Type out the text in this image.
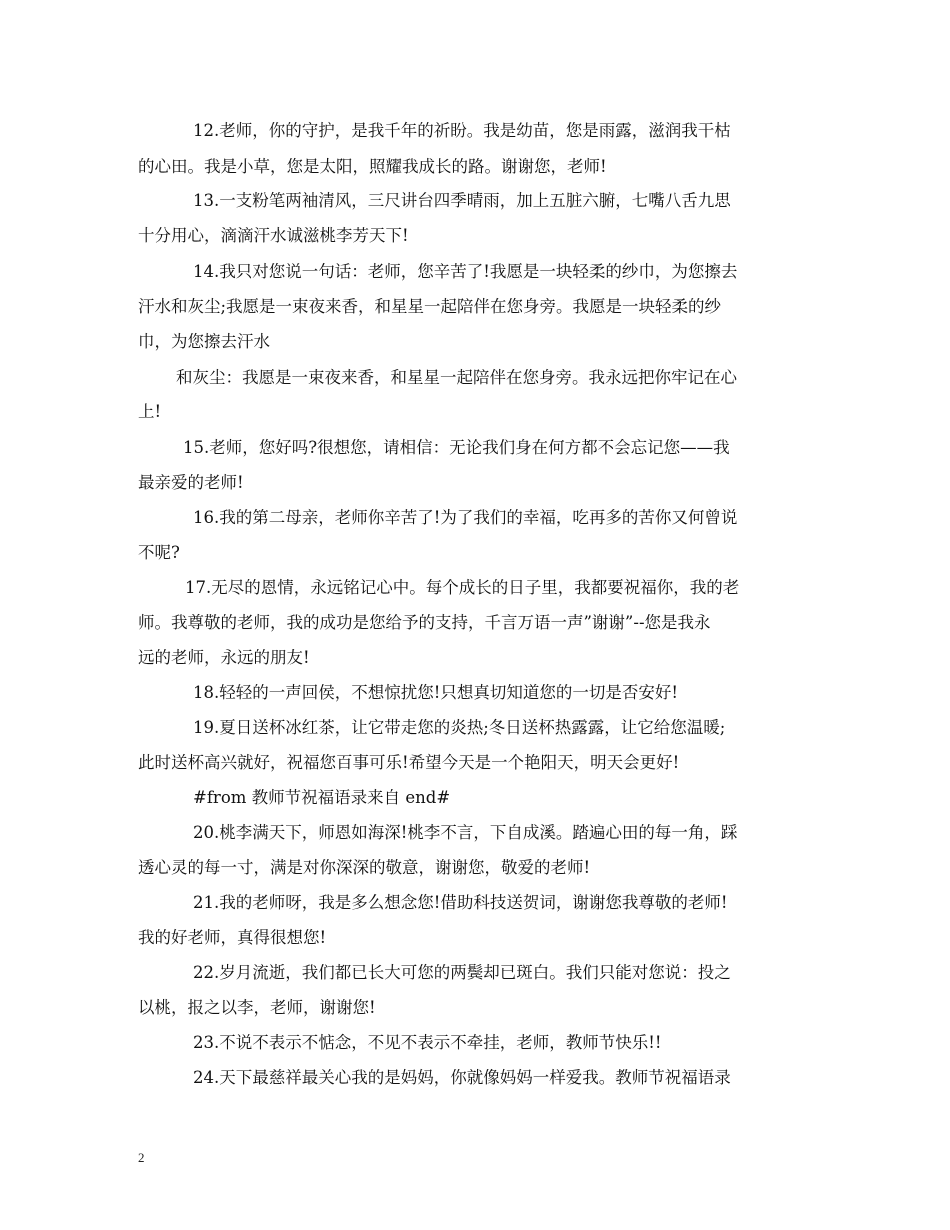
12.老师，你的守护，是我千年的祈盼。我是幼苗，您是雨露，滋润我干枯
的心田。我是小草，您是太阳，照耀我成长的路。谢谢您，老师!
13.一支粉笔两袖清风，三尺讲台四季晴雨，加上五脏六腑，七嘴八舌九思
十分用心，滴滴汗水诚滋桃李芳天下!
14.我只对您说一句话：老师，您辛苦了!我愿是一块轻柔的纱巾，为您擦去
汗水和灰尘;我愿是一束夜来香，和星星一起陪伴在您身旁。我愿是一块轻柔的纱
巾，为您擦去汗水
和灰尘：我愿是一束夜来香，和星星一起陪伴在您身旁。我永远把你牢记在心
上!
15.老师，您好吗?很想您，请相信：无论我们身在何方都不会忘记您——我
最亲爱的老师!
16.我的第二母亲，老师你辛苦了!为了我们的幸福，吃再多的苦你又何曾说
不呢?
17.无尽的恩情，永远铭记心中。每个成长的日子里，我都要祝福你，我的老
师。我尊敬的老师，我的成功是您给予的支持，千言万语一声”谢谢”--您是我永
远的老师，永远的朋友!
18.轻轻的一声回侯，不想惊扰您!只想真切知道您的一切是否安好!
19.夏日送杯冰红茶，让它带走您的炎热;冬日送杯热露露，让它给您温暖;
此时送杯高兴就好，祝福您百事可乐!希望今天是一个艳阳天，明天会更好!
#from 教师节祝福语录来自 end#
20.桃李满天下，师恩如海深!桃李不言，下自成溪。踏遍心田的每一角，踩
透心灵的每一寸，满是对你深深的敬意，谢谢您，敬爱的老师!
21.我的老师呀，我是多么想念您!借助科技送贺词，谢谢您我尊敬的老师!
我的好老师，真得很想您!
22.岁月流逝，我们都已长大可您的两鬓却已斑白。我们只能对您说：投之
以桃，报之以李，老师，谢谢您!
23.不说不表示不惦念，不见不表示不牵挂，老师，教师节快乐!!
24.天下最慈祥最关心我的是妈妈，你就像妈妈一样爱我。教师节祝福语录
2
